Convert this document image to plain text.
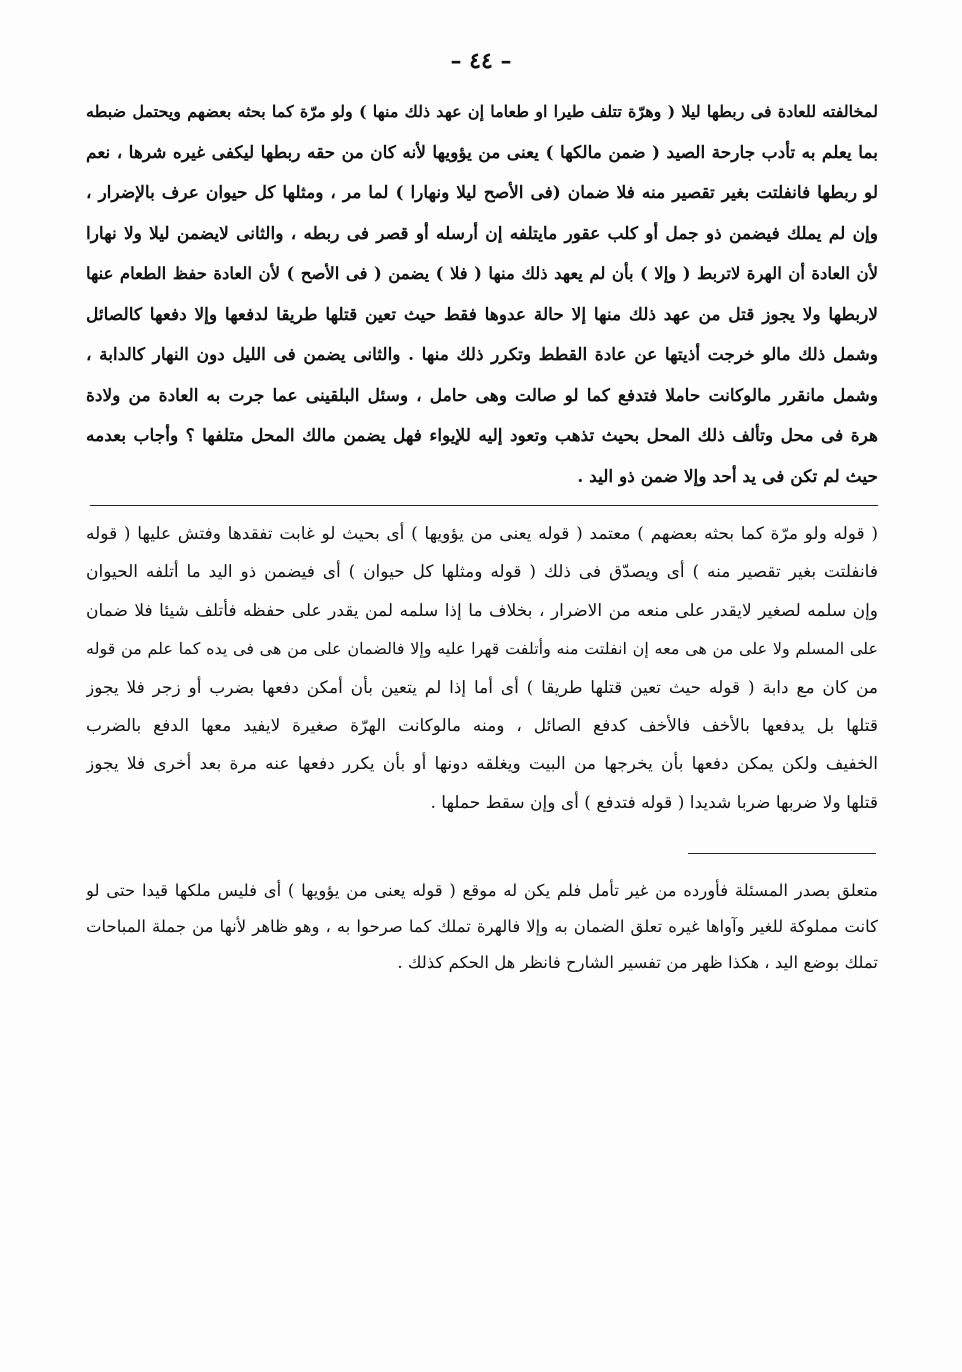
– ٤٤ –
لمخالفته للعادة فى ربطها ليلا ( وهرّة تتلف طيرا او طعاما إن عهد ذلك منها ) ولو مرّة كما بحثه بعضهم ويحتمل ضبطه
بما يعلم به تأدب جارحة الصيد ( ضمن مالكها ) يعنى من يؤويها لأنه كان من حقه ربطها ليكفى غيره شرها ، نعم
لو ربطها فانفلتت بغير تقصير منه فلا ضمان (فى الأصح ليلا ونهارا ) لما مر ، ومثلها كل حيوان عرف بالإضرار ،
وإن لم يملك فيضمن ذو جمل أو كلب عقور مايتلفه إن أرسله أو قصر فى ربطه ، والثانى لايضمن ليلا ولا نهارا
لأن العادة أن الهرة لاتربط ( وإلا ) بأن لم يعهد ذلك منها ( فلا ) يضمن ( فى الأصح ) لأن العادة حفظ الطعام عنها
لاربطها ولا يجوز قتل من عهد ذلك منها إلا حالة عدوها فقط حيث تعين قتلها طريقا لدفعها وإلا دفعها كالصائل
وشمل ذلك مالو خرجت أذيتها عن عادة القطط وتكرر ذلك منها . والثانى يضمن فى الليل دون النهار كالدابة ،
وشمل مانقرر مالوكانت حاملا فتدفع كما لو صالت وهى حامل ، وسئل البلقينى عما جرت به العادة من ولادة
هرة فى محل وتألف ذلك المحل بحيث تذهب وتعود إليه للإيواء فهل يضمن مالك المحل متلفها ؟ وأجاب بعدمه
حيث لم تكن فى يد أحد وإلا ضمن ذو اليد .
( قوله ولو مرّة كما بحثه بعضهم ) معتمد ( قوله يعنى من يؤويها ) أى بحيث لو غابت تفقدها وفتش عليها ( قوله
فانفلتت بغير تقصير منه ) أى ويصدّق فى ذلك ( قوله ومثلها كل حيوان ) أى فيضمن ذو اليد ما أتلفه الحيوان
وإن سلمه لصغير لايقدر على منعه من الاضرار ، بخلاف ما إذا سلمه لمن يقدر على حفظه فأتلف شيئا فلا ضمان
على المسلم ولا على من هى معه إن انفلتت منه وأتلفت قهرا عليه وإلا فالضمان على من هى فى يده كما علم من قوله
من كان مع دابة ( قوله حيث تعين قتلها طريقا ) أى أما إذا لم يتعين بأن أمكن دفعها بضرب أو زجر فلا يجوز
قتلها بل يدفعها بالأخف فالأخف كدفع الصائل ، ومنه مالوكانت الهرّة صغيرة لايفيد معها الدفع بالضرب
الخفيف ولكن يمكن دفعها بأن يخرجها من البيت ويغلقه دونها أو بأن يكرر دفعها عنه مرة بعد أخرى فلا يجوز
قتلها ولا ضربها ضربا شديدا ( قوله فتدفع ) أى وإن سقط حملها .
متعلق بصدر المسئلة فأورده من غير تأمل فلم يكن له موقع ( قوله يعنى من يؤويها ) أى فليس ملكها قيدا حتى لو
كانت مملوكة للغير وآواها غيره تعلق الضمان به وإلا فالهرة تملك كما صرحوا به ، وهو ظاهر لأنها من جملة المباحات
تملك بوضع اليد ، هكذا ظهر من تفسير الشارح فانظر هل الحكم كذلك .
